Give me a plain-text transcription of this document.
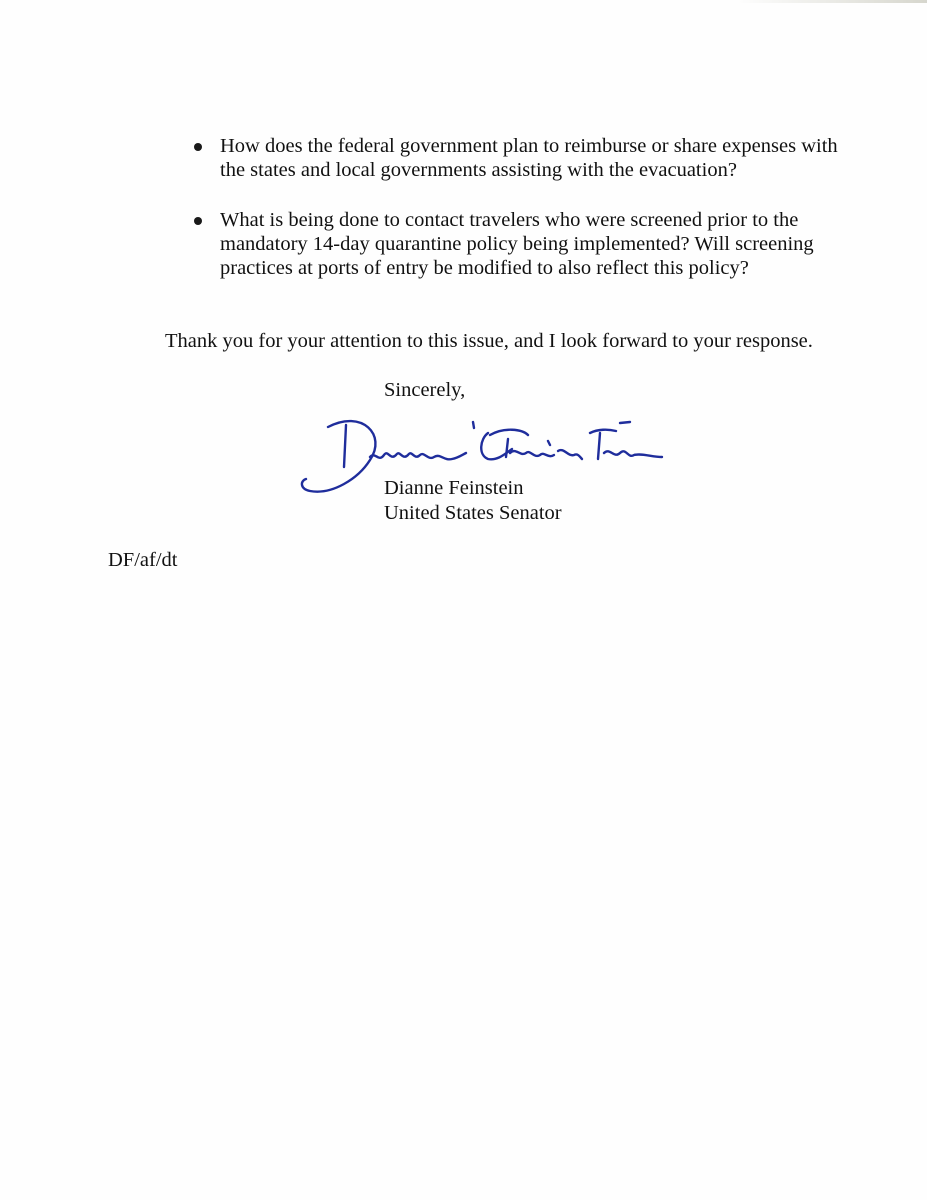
How does the federal government plan to reimburse or share expenses with the states and local governments assisting with the evacuation?
What is being done to contact travelers who were screened prior to the mandatory 14-day quarantine policy being implemented? Will screening practices at ports of entry be modified to also reflect this policy?
Thank you for your attention to this issue, and I look forward to your response.
Sincerely,
Dianne Feinstein
United States Senator
DF/af/dt
